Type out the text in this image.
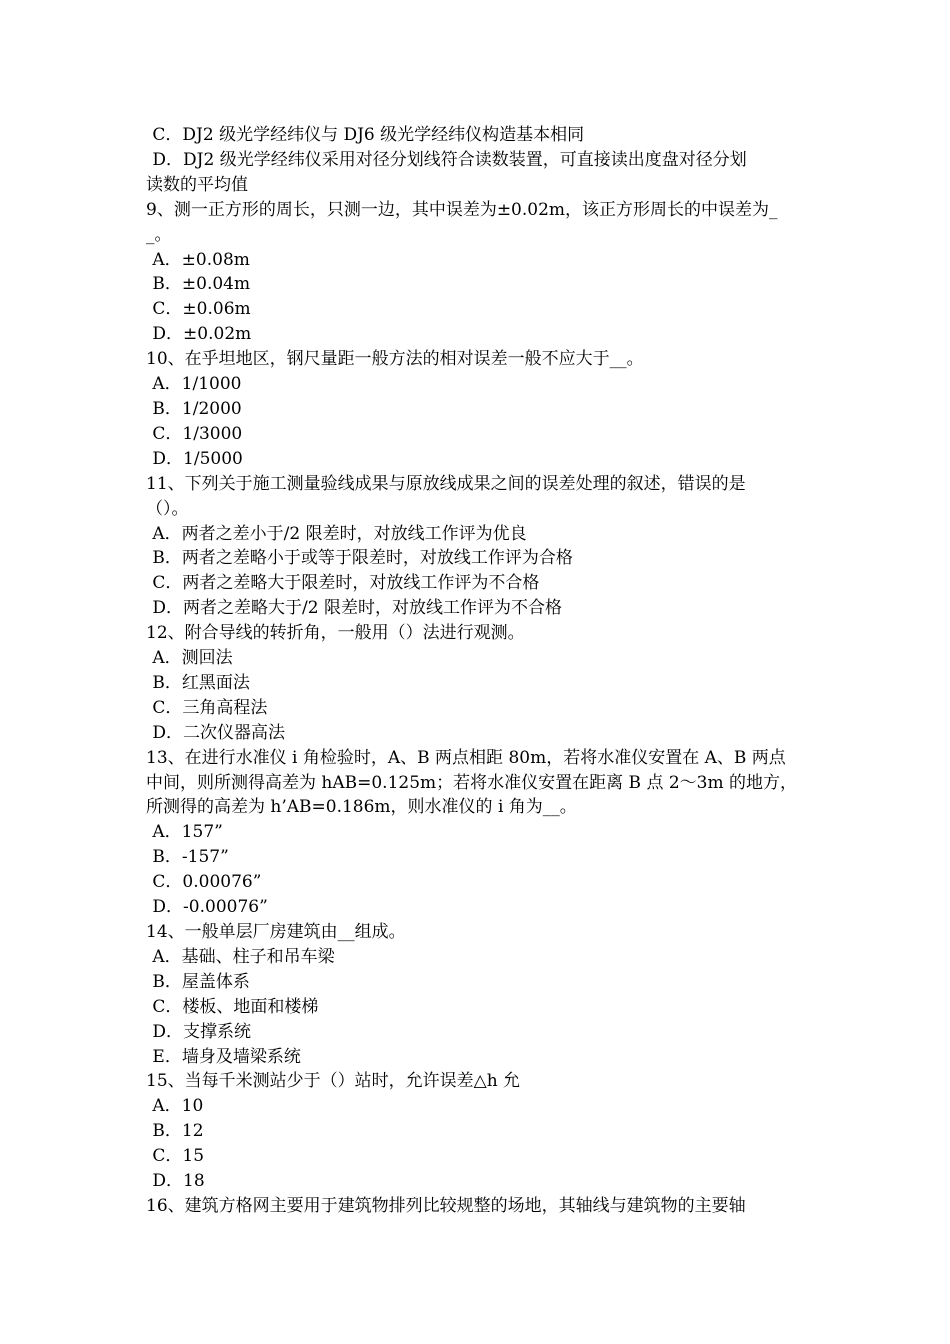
C．DJ2 级光学经纬仪与 DJ6 级光学经纬仪构造基本相同

D．DJ2 级光学经纬仪采用对径分划线符合读数装置，可直接读出度盘对径分划

读数的平均值

9、测一正方形的周长，只测一边，其中误差为±0.02m，该正方形周长的中误差为_

_。

A．±0.08m

B．±0.04m

C．±0.06m

D．±0.02m

10、在乎坦地区，钢尺量距一般方法的相对误差一般不应大于__。

A．1/1000

B．1/2000

C．1/3000

D．1/5000

11、下列关于施工测量验线成果与原放线成果之间的误差处理的叙述，错误的是

（）。

A．两者之差小于/2 限差时，对放线工作评为优良

B．两者之差略小于或等于限差时，对放线工作评为合格

C．两者之差略大于限差时，对放线工作评为不合格

D．两者之差略大于/2 限差时，对放线工作评为不合格

12、附合导线的转折角，一般用（）法进行观测。

A．测回法

B．红黑面法

C．三角高程法

D．二次仪器高法

13、在进行水准仪 i 角检验时，A、B 两点相距 80m，若将水准仪安置在 A、B 两点

中间，则所测得高差为 hAB=0.125m；若将水准仪安置在距离 B 点 2～3m 的地方，

所测得的高差为 h’AB=0.186m，则水准仪的 i 角为__。

A．157”

B．-157”

C．0.00076”

D．-0.00076”

14、一般单层厂房建筑由__组成。

A．基础、柱子和吊车梁

B．屋盖体系

C．楼板、地面和楼梯

D．支撑系统

E．墙身及墙梁系统

15、当每千米测站少于（）站时，允许误差△h 允

A．10

B．12

C．15

D．18

16、建筑方格网主要用于建筑物排列比较规整的场地，其轴线与建筑物的主要轴
